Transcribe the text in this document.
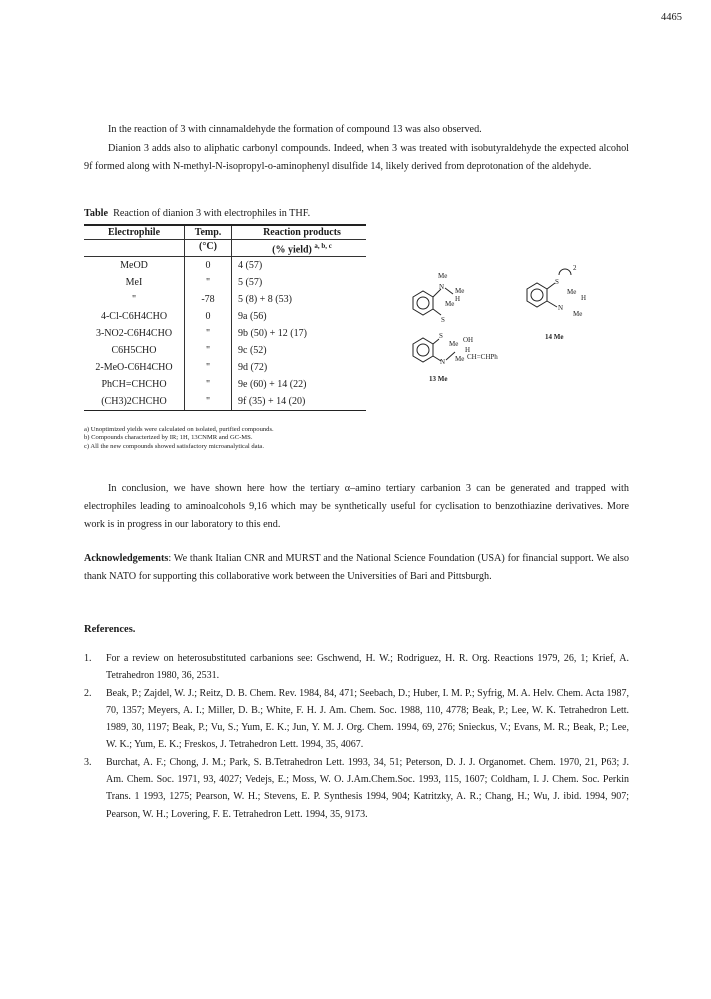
4465

In the reaction of 3 with cinnamaldehyde the formation of compound 13 was also observed.

Dianion 3 adds also to aliphatic carbonyl compounds. Indeed, when 3 was treated with isobutyraldehyde the expected alcohol 9f formed along with N-methyl-N-isopropyl-o-aminophenyl disulfide 14, likely derived from deprotonation of the aldehyde.

Table Reaction of dianion 3 with electrophiles in THF.
Electrophile	Temp.	Reaction products
	(°C)	(% yield) $^{a, b, c}$
MeOD	0	4 (57)
MeI	"	5 (57)
"	-78	5 (8) + 8 (53)
4-Cl-C6H4CHO	0	9a (56)
3-NO2-C6H4CHO	"	9b (50) + 12 (17)
C6H5CHO	"	9c (52)
2-MeO-C6H4CHO	"	9d (72)
PhCH=CHCHO	"	9e (60) + 14 (22)
(CH3)2CHCHO	"	9f (35) + 14 (20)
a) Unoptimized yields were calculated on isolated, purified compounds.
b) Compounds characterized by IR; 1H, 13CNMR and GC-MS.
c) All the new compounds showed satisfactory microanalytical data.
Me
N Me
H
Me
S
S
2
Me
H
N
Me
14 Me
S
Me OH
H
N Me CH=CHPh
13 Me

In conclusion, we have shown here how the tertiary α–amino tertiary carbanion 3 can be generated and trapped with electrophiles leading to aminoalcohols 9,16 which may be synthetically useful for cyclisation to benzothiazine derivatives. More work is in progress in our laboratory to this end.

Acknowledgements: We thank Italian CNR and MURST and the National Science Foundation (USA) for financial support. We also thank NATO for supporting this collaborative work between the Universities of Bari and Pittsburgh.

References.
1. For a review on heterosubstituted carbanions see: Gschwend, H. W.; Rodriguez, H. R. Org. Reactions 1979, 26, 1; Krief, A. Tetrahedron 1980, 36, 2531.
2. Beak, P.; Zajdel, W. J.; Reitz, D. B. Chem. Rev. 1984, 84, 471; Seebach, D.; Huber, I. M. P.; Syfrig, M. A. Helv. Chem. Acta 1987, 70, 1357; Meyers, A. I.; Miller, D. B.; White, F. H. J. Am. Chem. Soc. 1988, 110, 4778; Beak, P.; Lee, W. K. Tetrahedron Lett. 1989, 30, 1197; Beak, P.; Vu, S.; Yum, E. K.; Jun, Y. M. J. Org. Chem. 1994, 69, 276; Snieckus, V.; Evans, M. R.; Beak, P.; Lee, W. K.; Yum, E. K.; Freskos, J. Tetrahedron Lett. 1994, 35, 4067.
3. Burchat, A. F.; Chong, J. M.; Park, S. B.Tetrahedron Lett. 1993, 34, 51; Peterson, D. J. J. Organomet. Chem. 1970, 21, P63; J. Am. Chem. Soc. 1971, 93, 4027; Vedejs, E.; Moss, W. O. J.Am.Chem.Soc. 1993, 115, 1607; Coldham, I. J. Chem. Soc. Perkin Trans. 1 1993, 1275; Pearson, W. H.; Stevens, E. P. Synthesis 1994, 904; Katritzky, A. R.; Chang, H.; Wu, J. ibid. 1994, 907; Pearson, W. H.; Lovering, F. E. Tetrahedron Lett. 1994, 35, 9173.
